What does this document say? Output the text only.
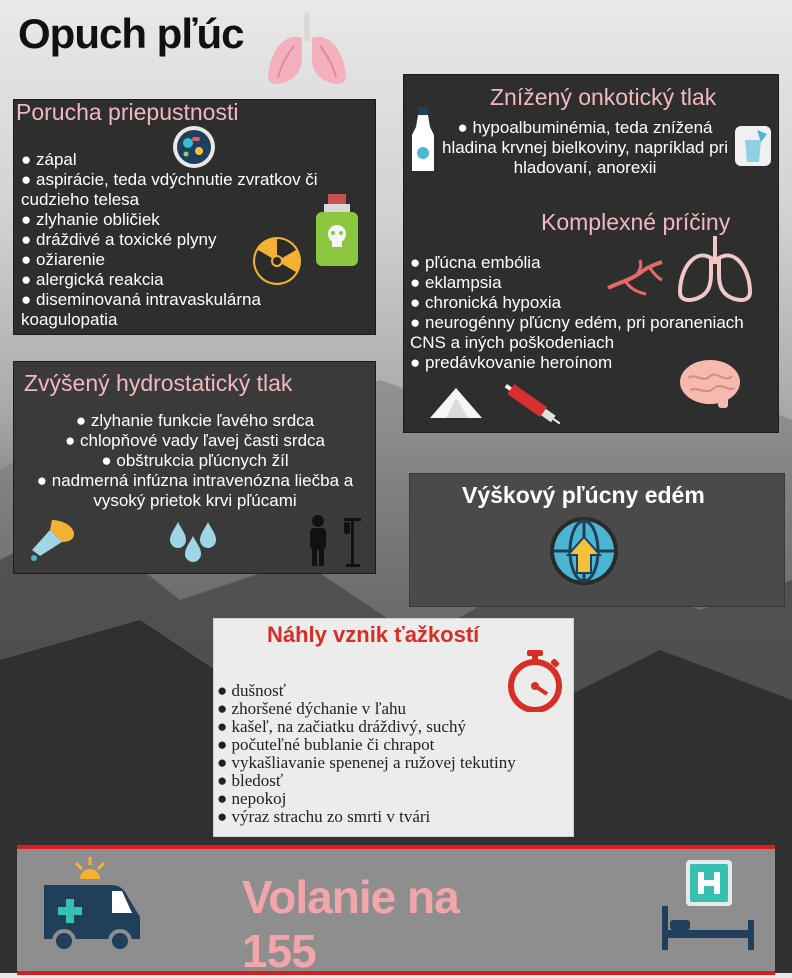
Opuch pľúc
Porucha priepustnosti
● zápal
● aspirácie, teda vdýchnutie zvratkov či cudzieho telesa
● zlyhanie obličiek
● dráždivé a toxické plyny
● ožiarenie
● alergická reakcia
● diseminovaná intravaskulárna koagulopatia
Znížený onkotický tlak
● hypoalbuminémia, teda znížená hladina krvnej bielkoviny, napríklad pri hladovaní, anorexii
Komplexné príčiny
● pľúcna embólia
● eklampsia
● chronická hypoxia
● neurogénny pľúcny edém, pri poraneniach CNS a iných poškodeniach
● predávkovanie heroínom
Zvýšený hydrostatický tlak
● zlyhanie funkcie ľavého srdca
● chlopňové vady ľavej časti srdca
● obštrukcia pľúcnych žíl
● nadmerná infúzna intravenózna liečba a vysoký prietok krvi pľúcami	Výškový pľúcny edém
Náhly vznik ťažkostí
● dušnosť
● zhoršené dýchanie v ľahu
● kašeľ, na začiatku dráždivý, suchý
● počuteľné bublanie či chrapot
● vykašliavanie spenenej a ružovej tekutiny
● bledosť
● nepokoj
● výraz strachu zo smrti v tvári
Volanie na 155
